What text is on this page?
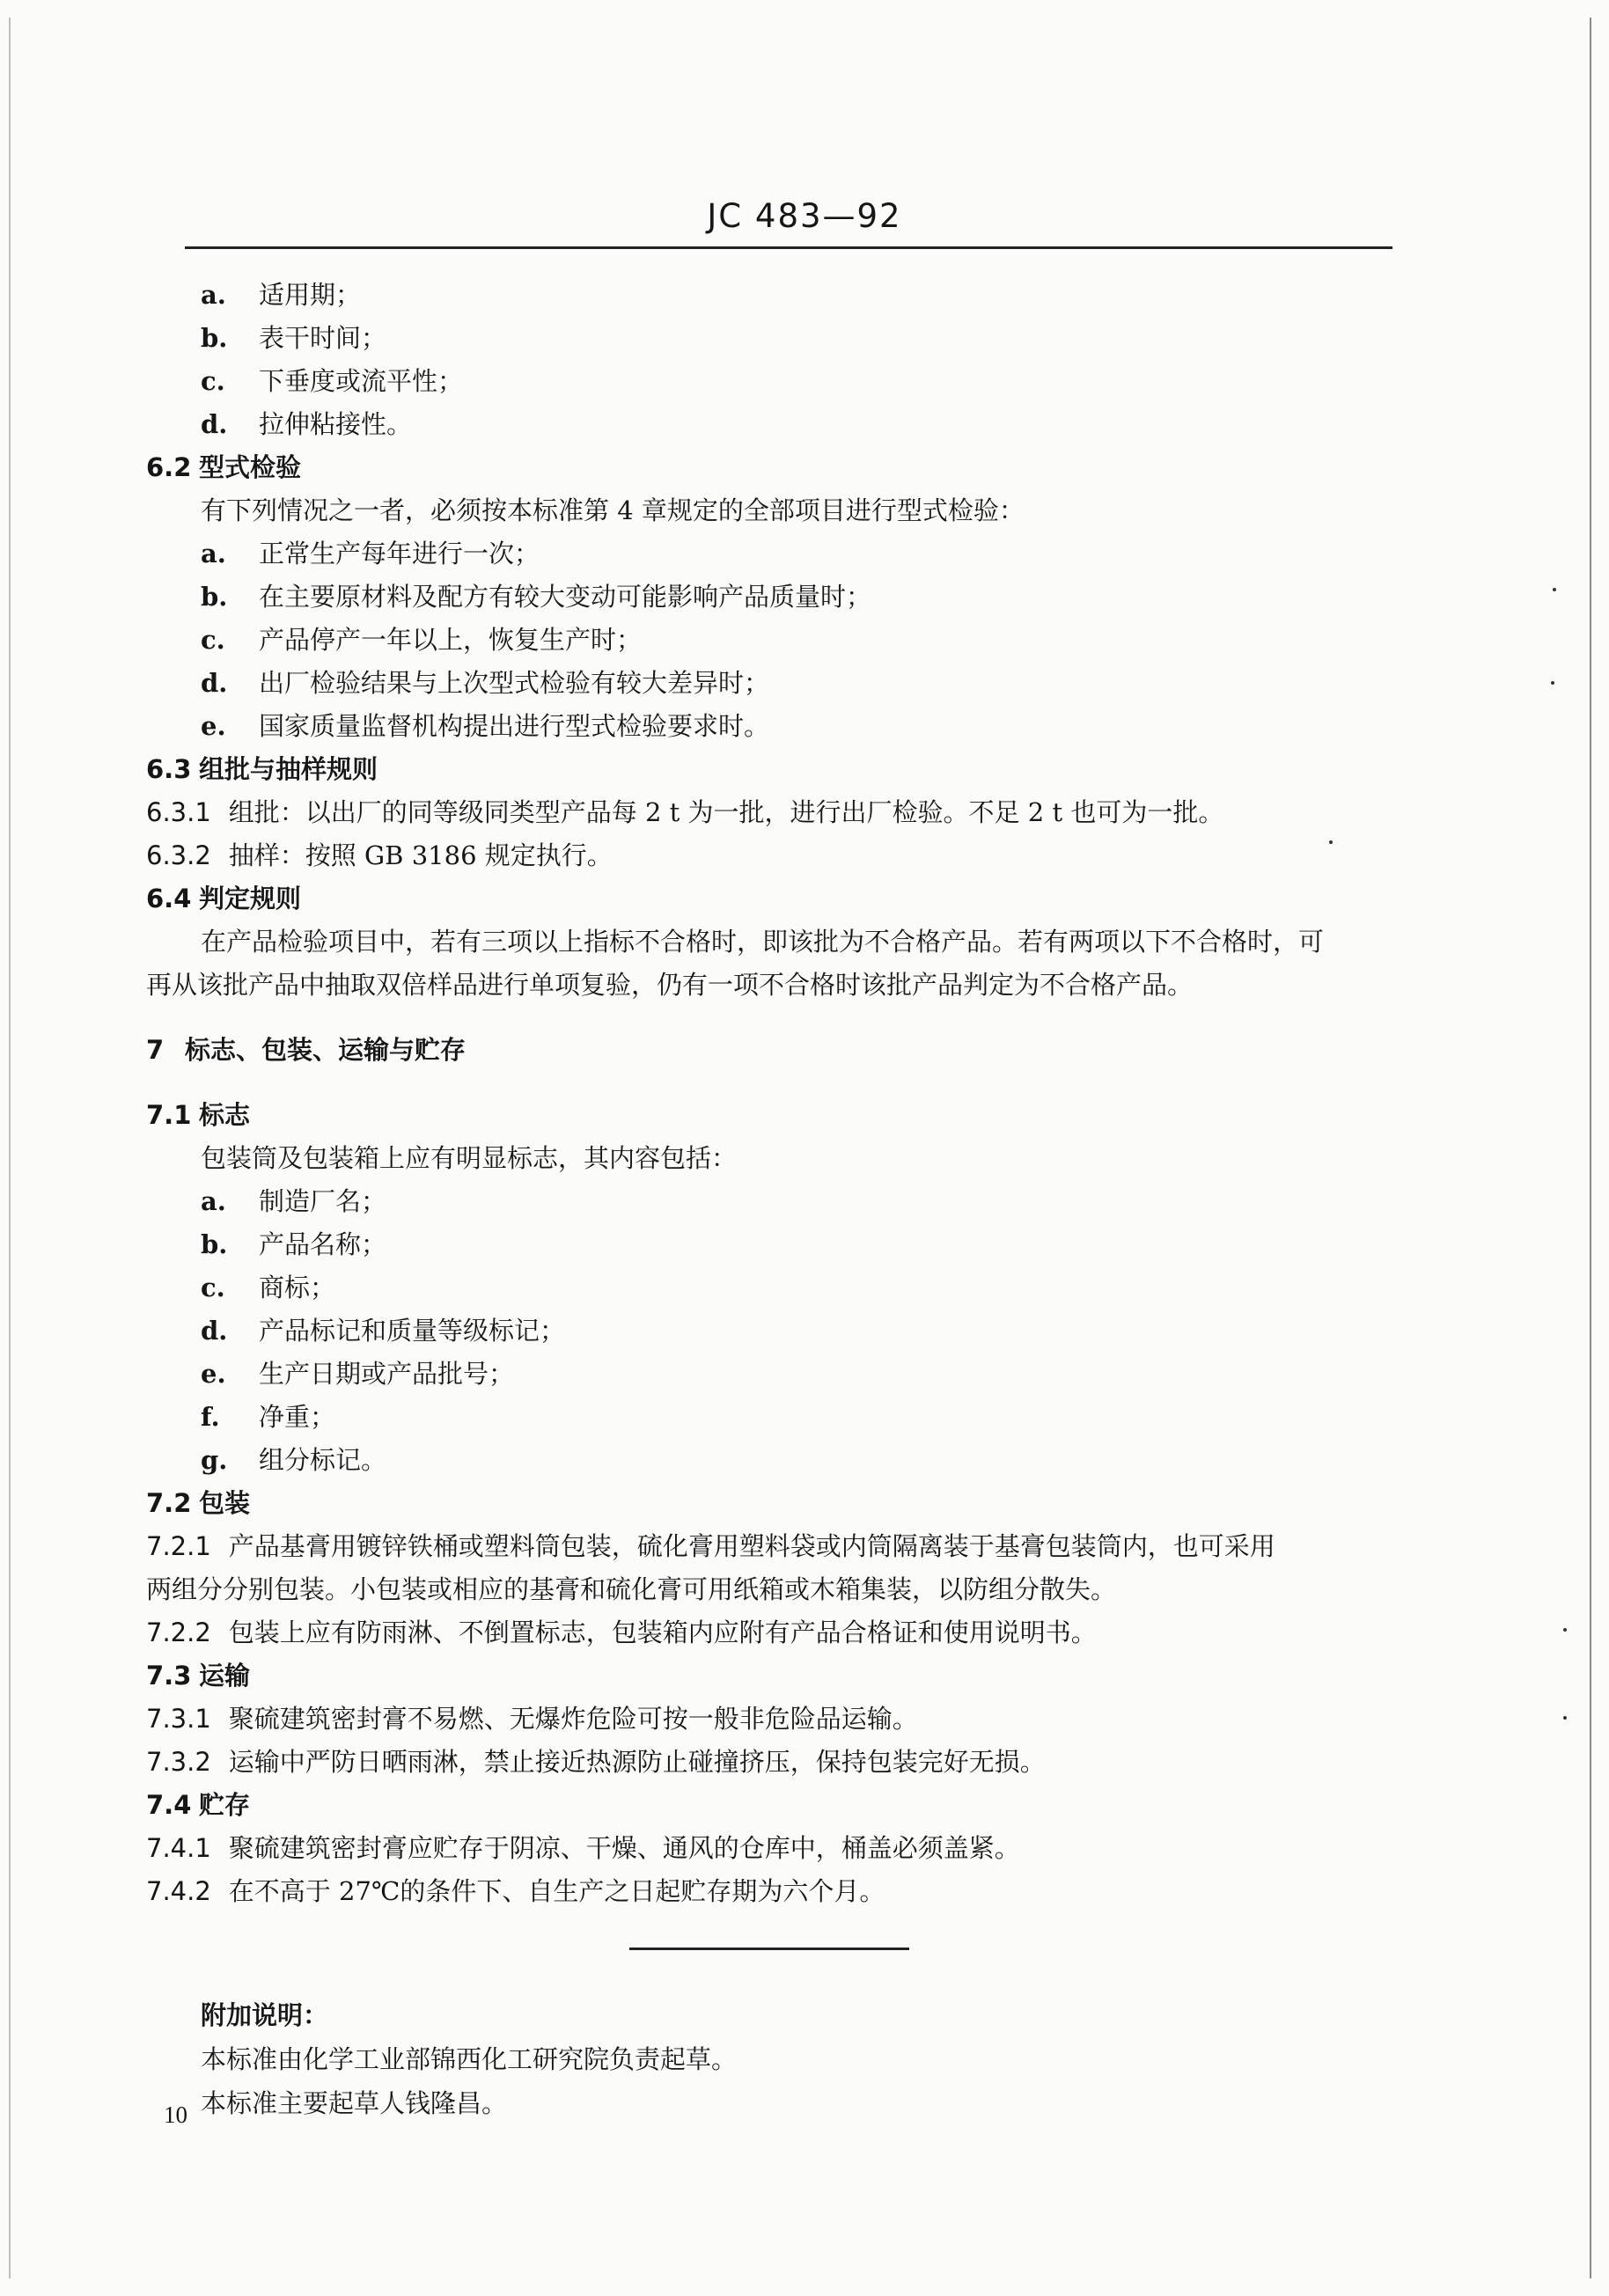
JC 483—92
a. 适用期；
b. 表干时间；
c. 下垂度或流平性；
d. 拉伸粘接性。
6.2 型式检验
有下列情况之一者，必须按本标准第 4 章规定的全部项目进行型式检验：
a. 正常生产每年进行一次；
b. 在主要原材料及配方有较大变动可能影响产品质量时；
c. 产品停产一年以上，恢复生产时；
d. 出厂检验结果与上次型式检验有较大差异时；
e. 国家质量监督机构提出进行型式检验要求时。
6.3 组批与抽样规则
6.3.1 组批：以出厂的同等级同类型产品每 2 t 为一批，进行出厂检验。不足 2 t 也可为一批。
6.3.2 抽样：按照 GB 3186 规定执行。
6.4 判定规则
在产品检验项目中，若有三项以上指标不合格时，即该批为不合格产品。若有两项以下不合格时，可
再从该批产品中抽取双倍样品进行单项复验，仍有一项不合格时该批产品判定为不合格产品。
7 标志、包装、运输与贮存
7.1 标志
包装筒及包装箱上应有明显标志，其内容包括：
a. 制造厂名；
b. 产品名称；
c. 商标；
d. 产品标记和质量等级标记；
e. 生产日期或产品批号；
f. 净重；
g. 组分标记。
7.2 包装
7.2.1 产品基膏用镀锌铁桶或塑料筒包装，硫化膏用塑料袋或内筒隔离装于基膏包装筒内，也可采用
两组分分别包装。小包装或相应的基膏和硫化膏可用纸箱或木箱集装，以防组分散失。
7.2.2 包装上应有防雨淋、不倒置标志，包装箱内应附有产品合格证和使用说明书。
7.3 运输
7.3.1 聚硫建筑密封膏不易燃、无爆炸危险可按一般非危险品运输。
7.3.2 运输中严防日晒雨淋，禁止接近热源防止碰撞挤压，保持包装完好无损。
7.4 贮存
7.4.1 聚硫建筑密封膏应贮存于阴凉、干燥、通风的仓库中，桶盖必须盖紧。
7.4.2 在不高于 27℃的条件下、自生产之日起贮存期为六个月。
附加说明：
本标准由化学工业部锦西化工研究院负责起草。
本标准主要起草人钱隆昌。
10
